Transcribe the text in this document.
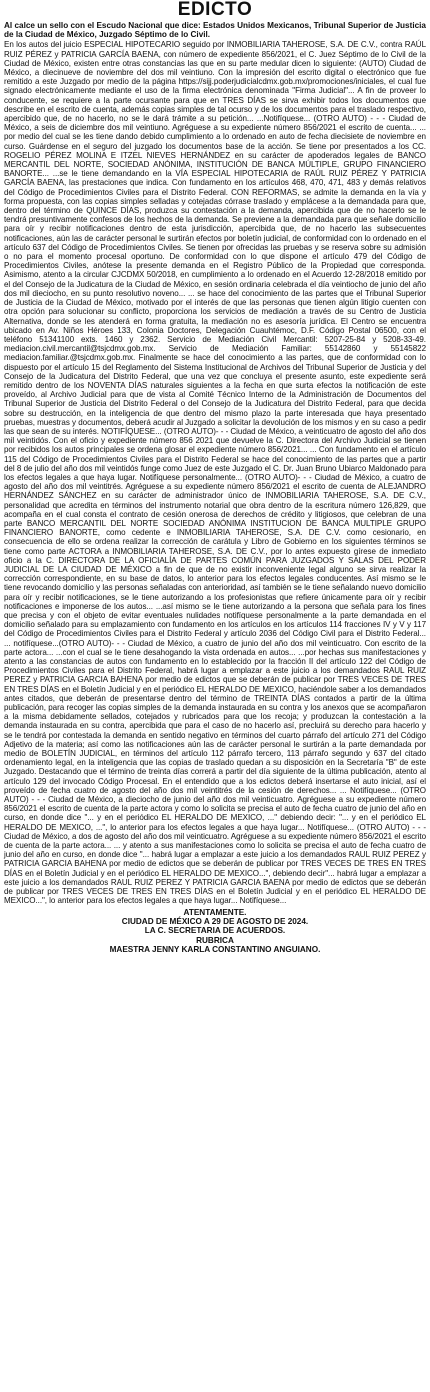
EDICTO

Al calce un sello con el Escudo Nacional que dice: Estados Unidos Mexicanos, Tribunal Superior de Justicia de la Ciudad de México, Juzgado Séptimo de lo Civil.

En los autos del juicio ESPECIAL HIPOTECARIO seguido por INMOBILIARIA TAHEROSE, S.A. DE C.V., contra RAÚL RUIZ PÉREZ y PATRICIA GARCÍA BAENA, con número de expediente 856/2021, el C. Juez Séptimo de lo Civil de la Ciudad de México, existen entre otras constancias las que en su parte medular dicen lo siguiente: (AUTO) Ciudad de México, a diecinueve de noviembre del dos mil veintiuno. Con la impresión del escrito digital o electrónico que fue remitido a este Juzgado por medio de la página https://sijj.poderjudicialcdmx.gob.mx/promociones/iniciales, el cual fue signado electrónicamente mediante el uso de la firma electrónica denominada "Firma Judicial"... A fin de proveer lo conducente, se requiere a la parte ocursante para que en TRES DÍAS se sirva exhibir todos los documentos que describe en el escrito de cuenta, además copias simples de tal ocurso y de los documentos para el traslado respectivo, apercibido que, de no hacerlo, no se le dará trámite a su petición... ...Notifíquese... (OTRO AUTO) - - - Ciudad de México, a seis de diciembre dos mil veintiuno. Agréguese a su expediente número 856/2021 el escrito de cuenta... ... por medio del cual se les tiene dando debido cumplimiento a lo ordenado en auto de fecha diecisiete de noviembre en curso. Guárdense en el seguro del juzgado los documentos base de la acción. Se tiene por presentados a los CC. ROGELIO PÉREZ MOLINA E ITZEL NIEVES HERNÁNDEZ en su carácter de apoderados legales de BANCO MERCANTIL DEL NORTE, SOCIEDAD ANÓNIMA, INSTITUCIÓN DE BANCA MÚLTIPLE, GRUPO FINANCIERO BANORTE... ...se le tiene demandando en la VÍA ESPECIAL HIPOTECARIA de RAÚL RUIZ PÉREZ Y PATRICIA GARCÍA BAENA, las prestaciones que indica. Con fundamento en los artículos 468, 470, 471, 483 y demás relativos del Código de Procedimientos Civiles para el Distrito Federal. CON REFORMAS, se admite la demanda en la vía y forma propuesta, con las copias simples selladas y cotejadas córrase traslado y emplácese a la demandada para que, dentro del término de QUINCE DÍAS, produzca su contestación a la demanda, apercibida que de no hacerlo se le tendrá presuntivamente confesos de los hechos de la demanda. Se previene a la demandada para que señale domicilio para oír y recibir notificaciones dentro de esta jurisdicción, apercibida que, de no hacerlo las subsecuentes notificaciones, aún las de carácter personal le surtirán efectos por boletín judicial, de conformidad con lo ordenado en el artículo 637 del Código de Procedimientos Civiles. Se tienen por ofrecidas las pruebas y se reserva sobre su admisión o no para el momento procesal oportuno. De conformidad con lo que dispone el artículo 479 del Código de Procedimientos Civiles, anótese la presente demanda en el Registro Público de la Propiedad que corresponda. Asimismo, atento a la circular CJCDMX 50/2018, en cumplimiento a lo ordenado en el Acuerdo 12-28/2018 emitido por el del Consejo de la Judicatura de la Ciudad de México, en sesión ordinaria celebrada el día veintiocho de junio del año dos mil dieciocho, en su punto resolutivo noveno... ... se hace del conocimiento de las partes que el Tribunal Superior de Justicia de la Ciudad de México, motivado por el interés de que las personas que tienen algún litigio cuenten con otra opción para solucionar su conflicto, proporciona los servicios de mediación a través de su Centro de Justicia Alternativa, donde se les atenderá en forma gratuita, la mediación no es asesoría jurídica. El Centro se encuentra ubicado en Av. Niños Héroes 133, Colonia Doctores, Delegación Cuauhtémoc, D.F. Código Postal 06500, con el teléfono 51341100 exts. 1460 y 2362. Servicio de Mediación Civil Mercantil: 5207-25-84 y 5208-33-49. mediacion.civil.mercantil@tsjcdmx.gob.mx. Servicio de Mediación Familiar: 55142860 y 55145822 mediacion.familiar.@tsjcdmx.gob.mx. Finalmente se hace del conocimiento a las partes, que de conformidad con lo dispuesto por el artículo 15 del Reglamento del Sistema Institucional de Archivos del Tribunal Superior de Justicia y del Consejo de la Judicatura del Distrito Federal, que una vez que concluya el presente asunto, este expediente será remitido dentro de los NOVENTA DÍAS naturales siguientes a la fecha en que surta efectos la notificación de este proveído, al Archivo Judicial para que de vista al Comité Técnico Interno de la Administración de Documentos del Tribunal Superior de Justicia del Distrito Federal o del Consejo de la Judicatura del Distrito Federal, para que decida sobre su destrucción, en la inteligencia de que dentro del mismo plazo la parte interesada que haya presentado pruebas, muestras y documentos, deberá acudir al Juzgado a solicitar la devolución de los mismos y en su caso a pedir las que sean de su interés. NOTIFÍQUESE... (OTRO AUTO)- - - Ciudad de México, a veinticuatro de agosto del año dos mil veintidós. Con el oficio y expediente número 856 2021 que devuelve la C. Directora del Archivo Judicial se tienen por recibidos los autos principales se ordena glosar el expediente número 856/2021... ... Con fundamento en el artículo 115 del Código de Procedimientos Civiles para el Distrito Federal se hace del conocimiento de las partes que a partir del 8 de julio del año dos mil veintidós funge como Juez de este Juzgado el C. Dr. Juan Bruno Ubiarco Maldonado para los efectos legales a que haya lugar. Notifíquese personalmente... (OTRO AUTO)- - - Ciudad de México, a cuatro de agosto del año dos mil veintitrés. Agréguese a su expediente número 856/2021 el escrito de cuenta de ALEJANDRO HERNÁNDEZ SÁNCHEZ en su carácter de administrador único de INMOBILIARIA TAHEROSE, S.A. DE C.V., personalidad que acredita en términos del instrumento notarial que obra dentro de la escritura número 126,829, que acompaña en el cual consta el contrato de cesión onerosa de derechos de crédito y litigiosos, que celebran de una parte BANCO MERCANTIL DEL NORTE SOCIEDAD ANÓNIMA INSTITUCION DE BANCA MULTIPLE GRUPO FINANCIERO BANORTE, como cedente e INMOBILIARIA TAHEROSE, S.A. DE C.V. como cesionario, en consecuencia de ello se ordena realizar la corrección de carátula y Libro de Gobierno en los siguientes términos se tiene como parte ACTORA a INMOBILIARIA TAHEROSE, S.A. DE C.V., por lo antes expuesto gírese de inmediato oficio a la C. DIRECTORA DE LA OFICIALÍA DE PARTES COMÚN PARA JUZGADOS Y SALAS DEL PODER JUDICIAL DE LA CIUDAD DE MÉXICO a fin de que de no existir inconveniente legal alguno se sirva realizar la corrección correspondiente, en su base de datos, lo anterior para los efectos legales conducentes. Así mismo se le tiene revocando domicilio y las personas señaladas con anterioridad, así también se le tiene señalando nuevo domicilio para oír y recibir notificaciones, se le tiene autorizando a los profesionistas que refiere únicamente para oír y recibir notificaciones e imponerse de los autos... ...así mismo se le tiene autorizando a la persona que señala para los fines que precisa y con el objeto de evitar eventuales nulidades notifíquese personalmente a la parte demandada en el domicilio señalado para su emplazamiento con fundamento en los artículos en los artículos 114 fracciones IV y V y 117 del Código de Procedimientos Civiles para el Distrito Federal y artículo 2036 del Código Civil para el Distrito Federal... ... notifíquese...(OTRO AUTO)- - - Ciudad de México, a cuatro de junio del año dos mil veinticuatro. Con escrito de la parte actora... ...con el cual se le tiene desahogando la vista ordenada en autos... ...por hechas sus manifestaciones y atento a las constancias de autos con fundamento en lo establecido por la fracción II del artículo 122 del Código de Procedimientos Civiles para el Distrito Federal, habrá lugar a emplazar a este juicio a los demandados RAUL RUIZ PEREZ y PATRICIA GARCIA BAHENA por medio de edictos que se deberán de publicar por TRES VECES DE TRES EN TRES DÍAS en el Boletín Judicial y en el periódico EL HERALDO DE MEXICO, haciéndole saber a los demandados antes citados, que deberán de presentarse dentro del término de TREINTA DÍAS contados a partir de la última publicación, para recoger las copias simples de la demanda instaurada en su contra y los anexos que se acompañaron a la misma debidamente sellados, cotejados y rubricados para que los recoja; y produzcan la contestación a la demanda instaurada en su contra, apercibida que para el caso de no hacerlo así, precluirá su derecho para hacerlo y se le tendrá por contestada la demanda en sentido negativo en términos del cuarto párrafo del artículo 271 del Código Adjetivo de la materia; así como las notificaciones aún las de carácter personal le surtirán a la parte demandada por medio de BOLETÍN JUDICIAL, en términos del artículo 112 párrafo tercero, 113 párrafo segundo y 637 del citado ordenamiento legal, en la inteligencia que las copias de traslado quedan a su disposición en la Secretaría "B" de este Juzgado. Destacando que el término de treinta días correrá a partir del día siguiente de la última publicación, atento al artículo 129 del invocado Código Procesal. En el entendido que a los edictos deberá insertarse el auto inicial, así el proveído de fecha cuatro de agosto del año dos mil veintitrés de la cesión de derechos... ... Notifíquese... (OTRO AUTO) - - - Ciudad de México, a dieciocho de junio del año dos mil veinticuatro. Agréguese a su expediente número 856/2021 el escrito de cuenta de la parte actora y como lo solicita se precisa el auto de fecha cuatro de junio del año en curso, en donde dice "... y en el periódico EL HERALDO DE MEXICO, ..." debiendo decir: "... y en el periódico EL HERALDO DE MEXICO, ...", lo anterior para los efectos legales a que haya lugar... Notifíquese... (OTRO AUTO) - - - Ciudad de México, a dos de agosto del año dos mil veinticuatro. Agréguese a su expediente número 856/2021 el escrito de cuenta de la parte actora... ... y atento a sus manifestaciones como lo solicita se precisa el auto de fecha cuatro de junio del año en curso, en donde dice "... habrá lugar a emplazar a este juicio a los demandados RAUL RUIZ PEREZ y PATRICIA GARCIA BAHENA por medio de edictos que se deberán de publicar por TRES VECES DE TRES EN TRES DÍAS en el Boletín Judicial y en el periódico EL HERALDO DE MEXICO...", debiendo decir"... habrá lugar a emplazar a este juicio a los demandados RAUL RUIZ PEREZ Y PATRICIA GARCIA BAENA por medio de edictos que se deberán de publicar por TRES VECES DE TRES EN TRES DÍAS en el Boletín Judicial y en el periódico EL HERALDO DE MEXICO...", lo anterior para los efectos legales a que haya lugar... Notifíquese...

ATENTAMENTE.
CIUDAD DE MÉXICO A 29 DE AGOSTO DE 2024.
LA C. SECRETARIA DE ACUERDOS.
RUBRICA
MAESTRA JENNY KARLA CONSTANTINO ANGUIANO.
